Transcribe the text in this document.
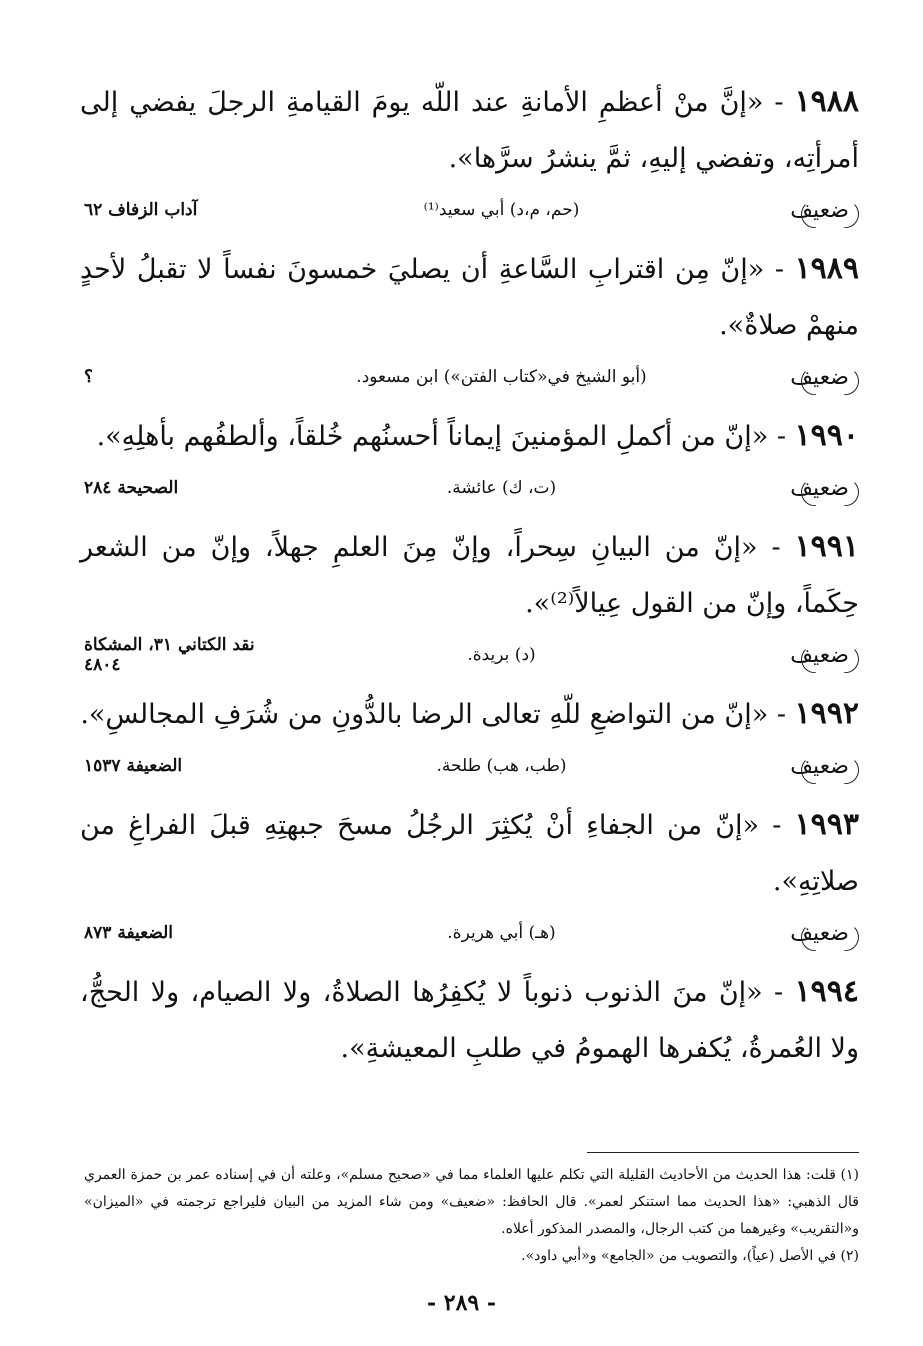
١٩٨٨ - «إنَّ منْ أعظمِ الأمانةِ عند اللّه يومَ القيامةِ الرجلَ يفضي إلى أمرأتِه، وتفضي إليهِ، ثمَّ ينشرُ سرَّها».

ضعيف
(حم، م،د) أبي سعيد⁽¹⁾
آداب الزفاف ٦٢

١٩٨٩ - «إنّ مِن اقترابِ السَّاعةِ أن يصليَ خمسونَ نفساً لا تقبلُ لأحدٍ منهمْ صلاةٌ».

ضعيف
(أبو الشيخ في«كتاب الفتن») ابن مسعود.
؟

١٩٩٠ - «إنّ من أكملِ المؤمنينَ إيماناً أحسنُهم خُلقاً، وألطفُهم بأهلِهِ».

ضعيف
(ت، ك) عائشة.
الصحيحة ٢٨٤

١٩٩١ - «إنّ من البيانِ سِحراً، وإنّ مِنَ العلمِ جهلاً، وإنّ من الشعر حِكَماً، وإنّ من القول عِيالاً⁽²⁾».

ضعيف
(د) بريدة.
نقد الكتاني ٣١، المشكاة ٤٨٠٤

١٩٩٢ - «إنّ من التواضعِ للّهِ تعالى الرضا بالدُّونِ من شُرَفِ المجالسِ».

ضعيف
(طب، هب) طلحة.
الضعيفة ١٥٣٧

١٩٩٣ - «إنّ من الجفاءِ أنْ يُكثِرَ الرجُلُ مسحَ جبهتِهِ قبلَ الفراغِ من صلاتِهِ».

ضعيف
(هـ) أبي هريرة.
الضعيفة ٨٧٣

١٩٩٤ - «إنّ منَ الذنوب ذنوباً لا يُكفِرُها الصلاةُ، ولا الصيام، ولا الحجُّ، ولا العُمرةُ، يُكفرها الهمومُ في طلبِ المعيشةِ».

(١) قلت: هذا الحديث من الأحاديث القليلة التي تكلم عليها العلماء مما في «صحيح مسلم»، وعلته أن في إسناده عمر بن حمزة العمري قال الذهبي: «هذا الحديث مما استنكر لعمر». قال الحافظ: «ضعيف» ومن شاء المزيد من البيان فليراجع ترجمته في «الميزان» و«التقريب» وغيرهما من كتب الرجال، والمصدر المذكور أعلاه.

(٢) في الأصل (عياً)، والتصويب من «الجامع» و«أبي داود».

- ٢٨٩ -
